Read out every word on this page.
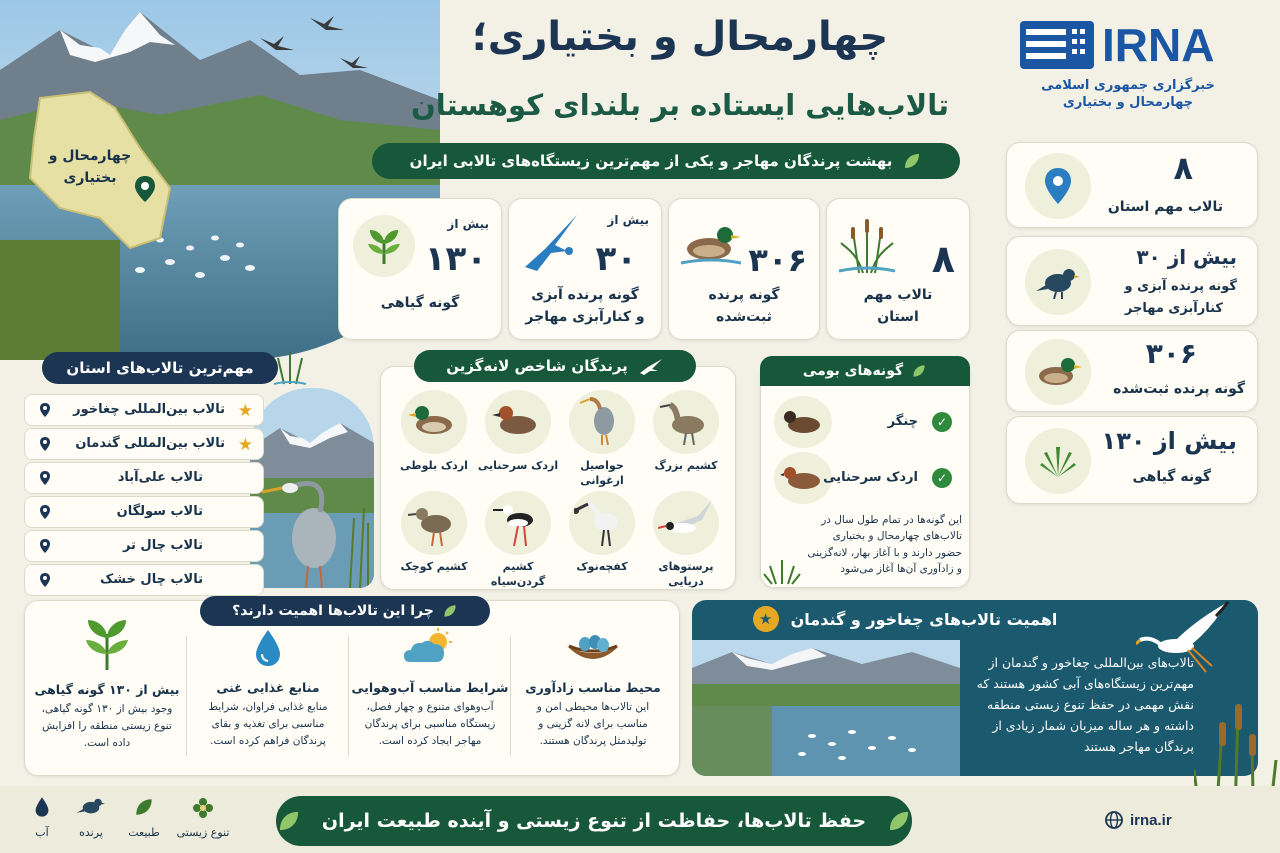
چهارمحال و بختیاری
چهارمحال و بختیاری؛
تالاب‌هایی ایستاده بر بلندای کوهستان
بهشت پرندگان مهاجر و یکی از مهم‌ترین زیستگاه‌های تالابی ایران
IRNA
خبرگزاری جمهوری اسلامی
چهارمحال و بختیاری
۸
تالاب مهم
استان
۳۰۶
گونه پرنده
ثبت‌شده
بیش از
۳۰
گونه پرنده آبزی
و کنارآبزی مهاجر
بیش از
۱۳۰
گونه گیاهی
۸
تالاب مهم استان
بیش از ۳۰
گونه پرنده آبزی و
کنارآبزی مهاجر
۳۰۶
گونه پرنده ثبت‌شده
بیش از ۱۳۰
گونه گیاهی
مهم‌ترین تالاب‌های استان
تالاب بین‌المللی چغاخور ★
تالاب بین‌المللی گندمان ★
تالاب علی‌آباد
تالاب سولگان
تالاب چال تر
تالاب چال خشک
پرندگان شاخص لانه‌گزین
کشیم بزرگ
حواصیل ارغوانی
اردک سرحنایی
اردک بلوطی
پرستوهای دریایی
کفچه‌نوک
کشیم گردن‌سیاه
کشیم کوچک
گونه‌های بومی
چنگر	✓
اردک سرحنایی	✓
این گونه‌ها در تمام طول سال در تالاب‌های چهارمحال و بختیاری حضور دارند و با آغاز بهار، لانه‌گزینی و زادآوری آن‌ها آغاز می‌شود
چرا این تالاب‌ها اهمیت دارند؟
محیط مناسب زادآوری
این تالاب‌ها محیطی امن و مناسب برای لانه گزینی و تولیدمثل پرندگان هستند.
شرایط مناسب آب‌وهوایی
آب‌وهوای متنوع و چهار فصل، زیستگاه مناسبی برای پرندگان مهاجر ایجاد کرده است.
منابع غذایی غنی
منابع غذایی فراوان، شرایط مناسبی برای تغذیه و بقای پرندگان فراهم کرده است.
بیش از ۱۳۰ گونه گیاهی
وجود بیش از ۱۳۰ گونه گیاهی، تنوع زیستی منطقه را افزایش داده است.
اهمیت تالاب‌های چغاخور و گندمان
★
تالاب‌های بین‌المللی چغاخور و گندمان از مهم‌ترین زیستگاه‌های آبی کشور هستند که نقش مهمی در حفظ تنوع زیستی منطقه داشته و هر ساله میزبان شمار زیادی از پرندگان مهاجر هستند
حفظ تالاب‌ها، حفاظت از تنوع زیستی و آینده طبیعت ایران	irna.ir
تنوع زیستی
طبیعت
پرنده
آب
